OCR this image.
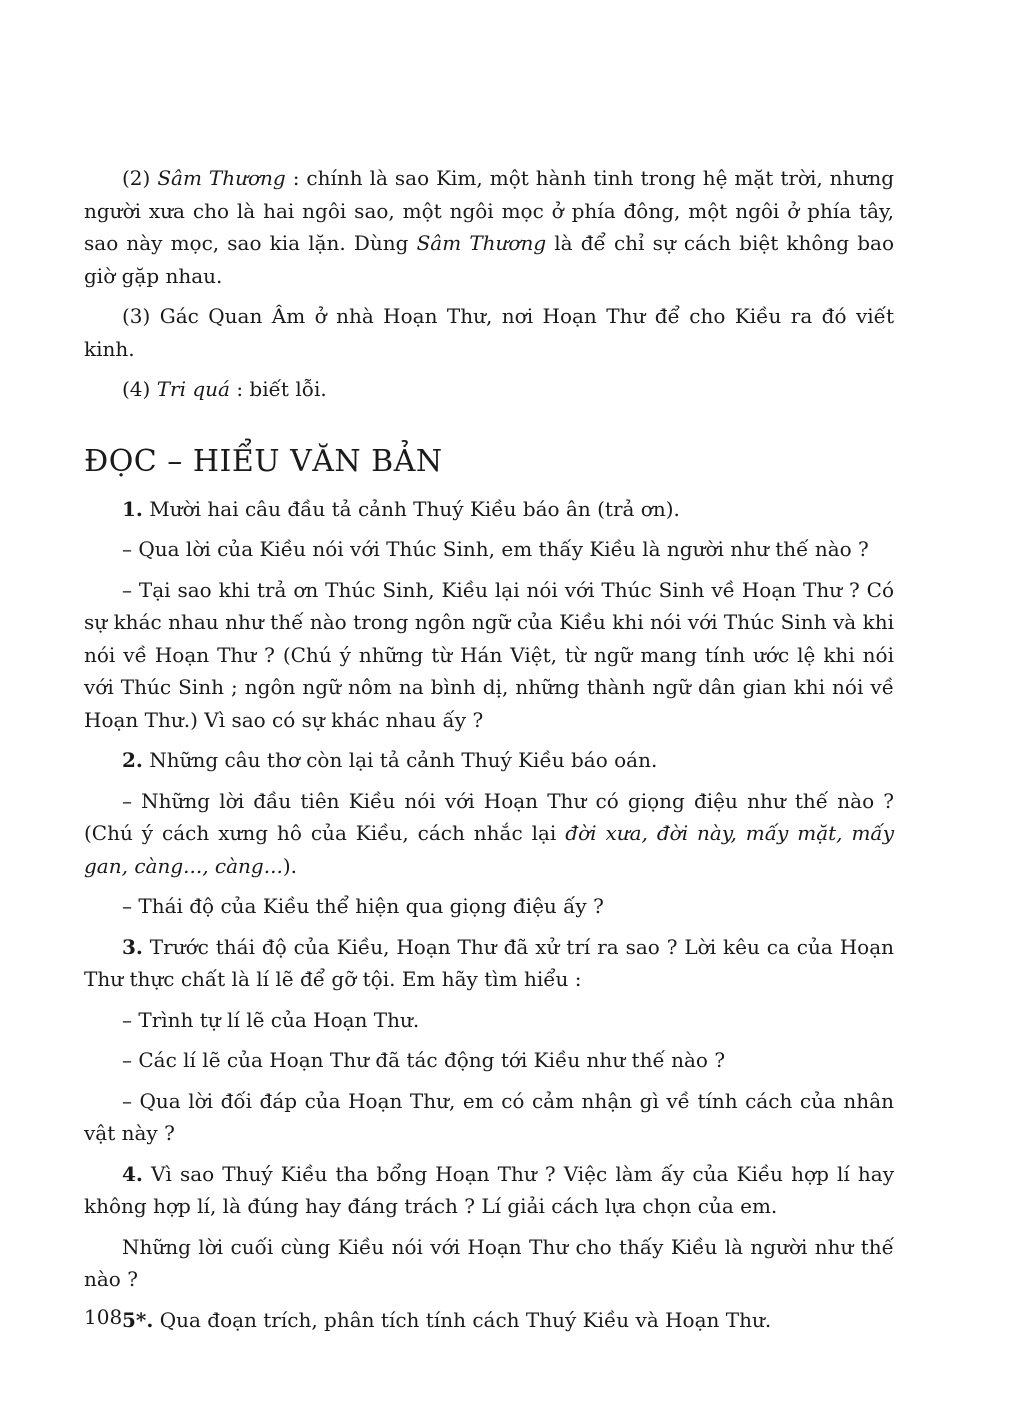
(2) Sâm Thương : chính là sao Kim, một hành tinh trong hệ mặt trời, nhưng người xưa cho là hai ngôi sao, một ngôi mọc ở phía đông, một ngôi ở phía tây, sao này mọc, sao kia lặn. Dùng Sâm Thương là để chỉ sự cách biệt không bao giờ gặp nhau.

(3) Gác Quan Âm ở nhà Hoạn Thư, nơi Hoạn Thư để cho Kiều ra đó viết kinh.

(4) Tri quá : biết lỗi.

ĐỌC – HIỂU VĂN BẢN

1. Mười hai câu đầu tả cảnh Thuý Kiều báo ân (trả ơn).

– Qua lời của Kiều nói với Thúc Sinh, em thấy Kiều là người như thế nào ?

– Tại sao khi trả ơn Thúc Sinh, Kiều lại nói với Thúc Sinh về Hoạn Thư ? Có sự khác nhau như thế nào trong ngôn ngữ của Kiều khi nói với Thúc Sinh và khi nói về Hoạn Thư ? (Chú ý những từ Hán Việt, từ ngữ mang tính ước lệ khi nói với Thúc Sinh ; ngôn ngữ nôm na bình dị, những thành ngữ dân gian khi nói về Hoạn Thư.) Vì sao có sự khác nhau ấy ?

2. Những câu thơ còn lại tả cảnh Thuý Kiều báo oán.

– Những lời đầu tiên Kiều nói với Hoạn Thư có giọng điệu như thế nào ? (Chú ý cách xưng hô của Kiều, cách nhắc lại đời xưa, đời này, mấy mặt, mấy gan, càng..., càng...).

– Thái độ của Kiều thể hiện qua giọng điệu ấy ?

3. Trước thái độ của Kiều, Hoạn Thư đã xử trí ra sao ? Lời kêu ca của Hoạn Thư thực chất là lí lẽ để gỡ tội. Em hãy tìm hiểu :

– Trình tự lí lẽ của Hoạn Thư.

– Các lí lẽ của Hoạn Thư đã tác động tới Kiều như thế nào ?

– Qua lời đối đáp của Hoạn Thư, em có cảm nhận gì về tính cách của nhân vật này ?

4. Vì sao Thuý Kiều tha bổng Hoạn Thư ? Việc làm ấy của Kiều hợp lí hay không hợp lí, là đúng hay đáng trách ? Lí giải cách lựa chọn của em.

Những lời cuối cùng Kiều nói với Hoạn Thư cho thấy Kiều là người như thế nào ?

5*. Qua đoạn trích, phân tích tính cách Thuý Kiều và Hoạn Thư.

108
